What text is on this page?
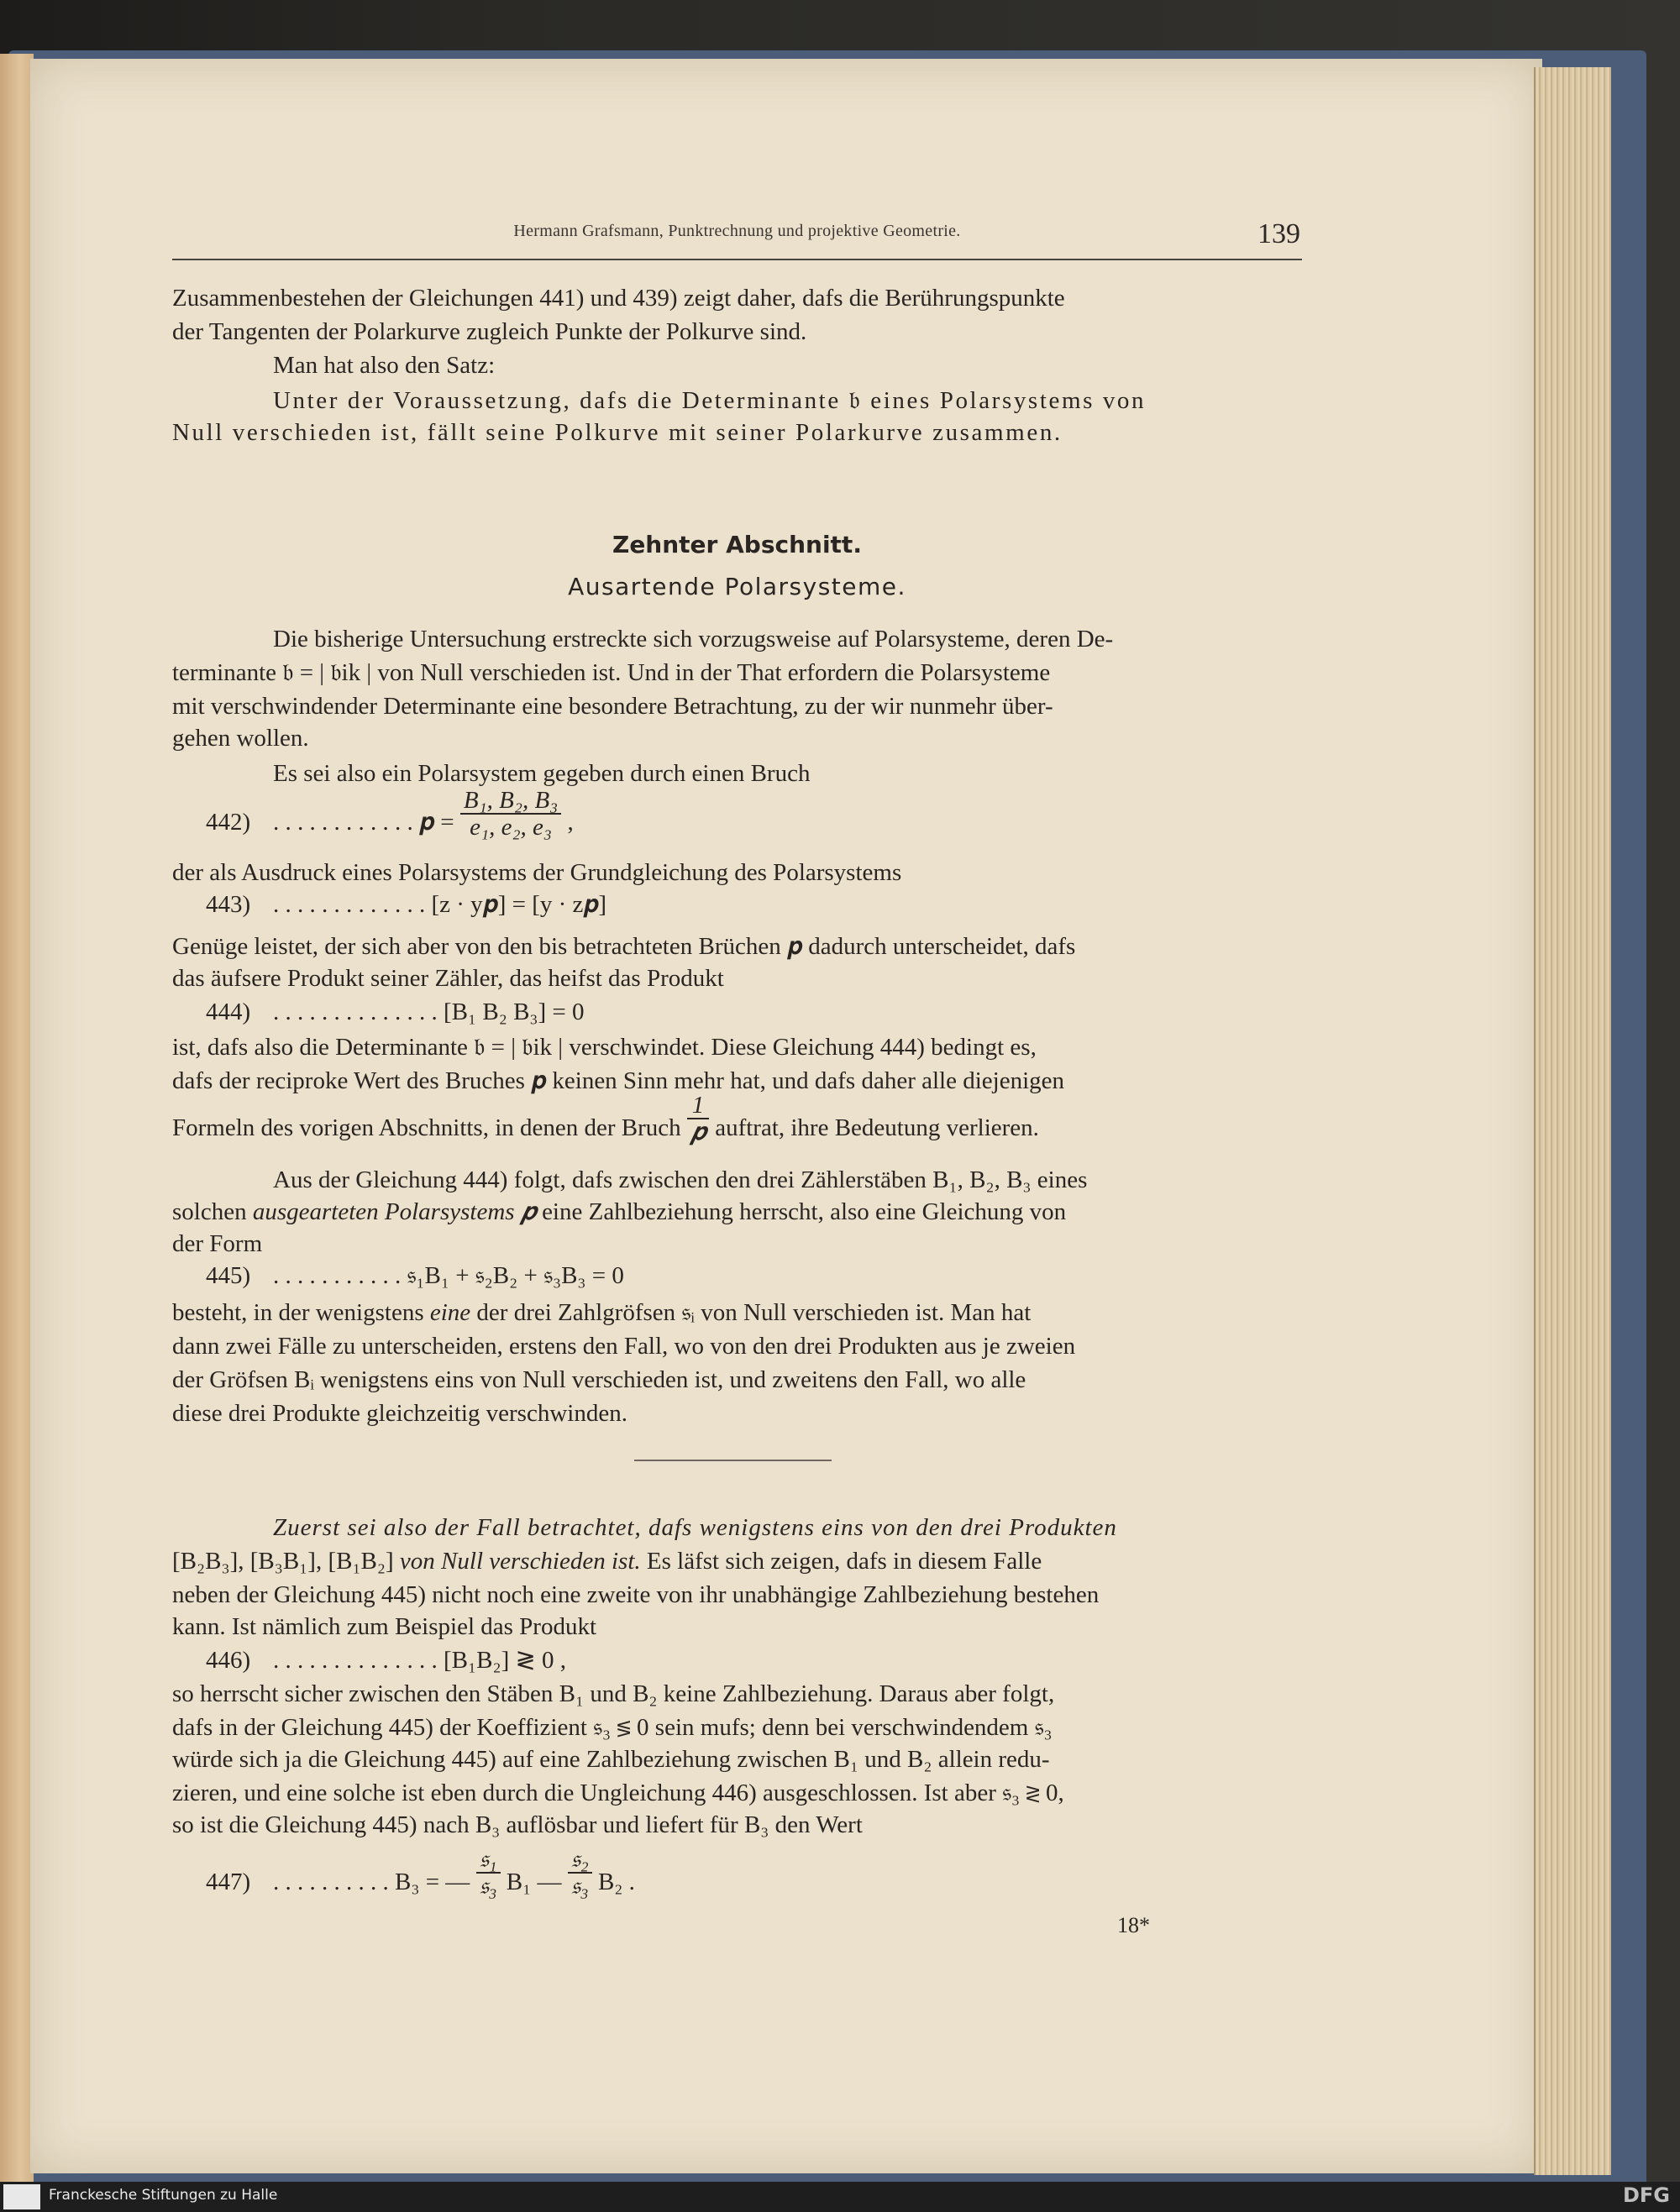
Hermann Grafsmann, Punktrechnung und projektive Geometrie.	139
Zusammenbestehen der Gleichungen 441) und 439) zeigt daher, dafs die Berührungspunkte
der Tangenten der Polarkurve zugleich Punkte der Polkurve sind.
Man hat also den Satz:
Unter der Voraussetzung, dafs die Determinante 𝔟 eines Polarsystems von
Null verschieden ist, fällt seine Polkurve mit seiner Polarkurve zusammen.
Zehnter Abschnitt.
Ausartende Polarsysteme.
Die bisherige Untersuchung erstreckte sich vorzugsweise auf Polarsysteme, deren De-
terminante 𝔟 = | 𝔟ik | von Null verschieden ist. Und in der That erfordern die Polarsysteme
mit verschwindender Determinante eine besondere Betrachtung, zu der wir nunmehr über-
gehen wollen.
Es sei also ein Polarsystem gegeben durch einen Bruch
442) . . . . . . . . . . . . 𝒑 = $\frac{\text{B₁, B₂, B₃}}{\text{e₁, e₂, e₃}}$ ,
der als Ausdruck eines Polarsystems der Grundgleichung des Polarsystems
443) . . . . . . . . . . . . . [z · y𝒑] = [y · z𝒑]
Genüge leistet, der sich aber von den bis betrachteten Brüchen 𝒑 dadurch unterscheidet, dafs
das äufsere Produkt seiner Zähler, das heifst das Produkt
444) . . . . . . . . . . . . . . [B₁ B₂ B₃] = 0
ist, dafs also die Determinante 𝔟 = | 𝔟ik | verschwindet. Diese Gleichung 444) bedingt es,
dafs der reciproke Wert des Bruches 𝒑 keinen Sinn mehr hat, und dafs daher alle diejenigen
Formeln des vorigen Abschnitts, in denen der Bruch $\frac{1}{\text{𝒑}}$ auftrat, ihre Bedeutung verlieren.
Aus der Gleichung 444) folgt, dafs zwischen den drei Zählerstäben B₁, B₂, B₃ eines
solchen ausgearteten Polarsystems 𝒑 eine Zahlbeziehung herrscht, also eine Gleichung von
der Form
445) . . . . . . . . . . . 𝔰₁B₁ + 𝔰₂B₂ + 𝔰₃B₃ = 0
besteht, in der wenigstens eine der drei Zahlgröfsen 𝔰ᵢ von Null verschieden ist. Man hat
dann zwei Fälle zu unterscheiden, erstens den Fall, wo von den drei Produkten aus je zweien
der Gröfsen Bᵢ wenigstens eins von Null verschieden ist, und zweitens den Fall, wo alle
diese drei Produkte gleichzeitig verschwinden.
Zuerst sei also der Fall betrachtet, dafs wenigstens eins von den drei Produkten
[B₂B₃], [B₃B₁], [B₁B₂] von Null verschieden ist. Es läfst sich zeigen, dafs in diesem Falle
neben der Gleichung 445) nicht noch eine zweite von ihr unabhängige Zahlbeziehung bestehen
kann. Ist nämlich zum Beispiel das Produkt
446) . . . . . . . . . . . . . . [B₁B₂] ≷ 0 ,
so herrscht sicher zwischen den Stäben B₁ und B₂ keine Zahlbeziehung. Daraus aber folgt,
dafs in der Gleichung 445) der Koeffizient 𝔰₃ ≶ 0 sein mufs; denn bei verschwindendem 𝔰₃
würde sich ja die Gleichung 445) auf eine Zahlbeziehung zwischen B₁ und B₂ allein redu-
zieren, und eine solche ist eben durch die Ungleichung 446) ausgeschlossen. Ist aber 𝔰₃ ≷ 0,
so ist die Gleichung 445) nach B₃ auflösbar und liefert für B₃ den Wert
447) . . . . . . . . . . B₃ = — $\frac{\text{𝔰₁}}{\text{𝔰₃}} B_1$ — $\frac{\text{𝔰₂}}{\text{𝔰₃}} B_2$ .
18*
Franckesche Stiftungen zu Halle	DFG
